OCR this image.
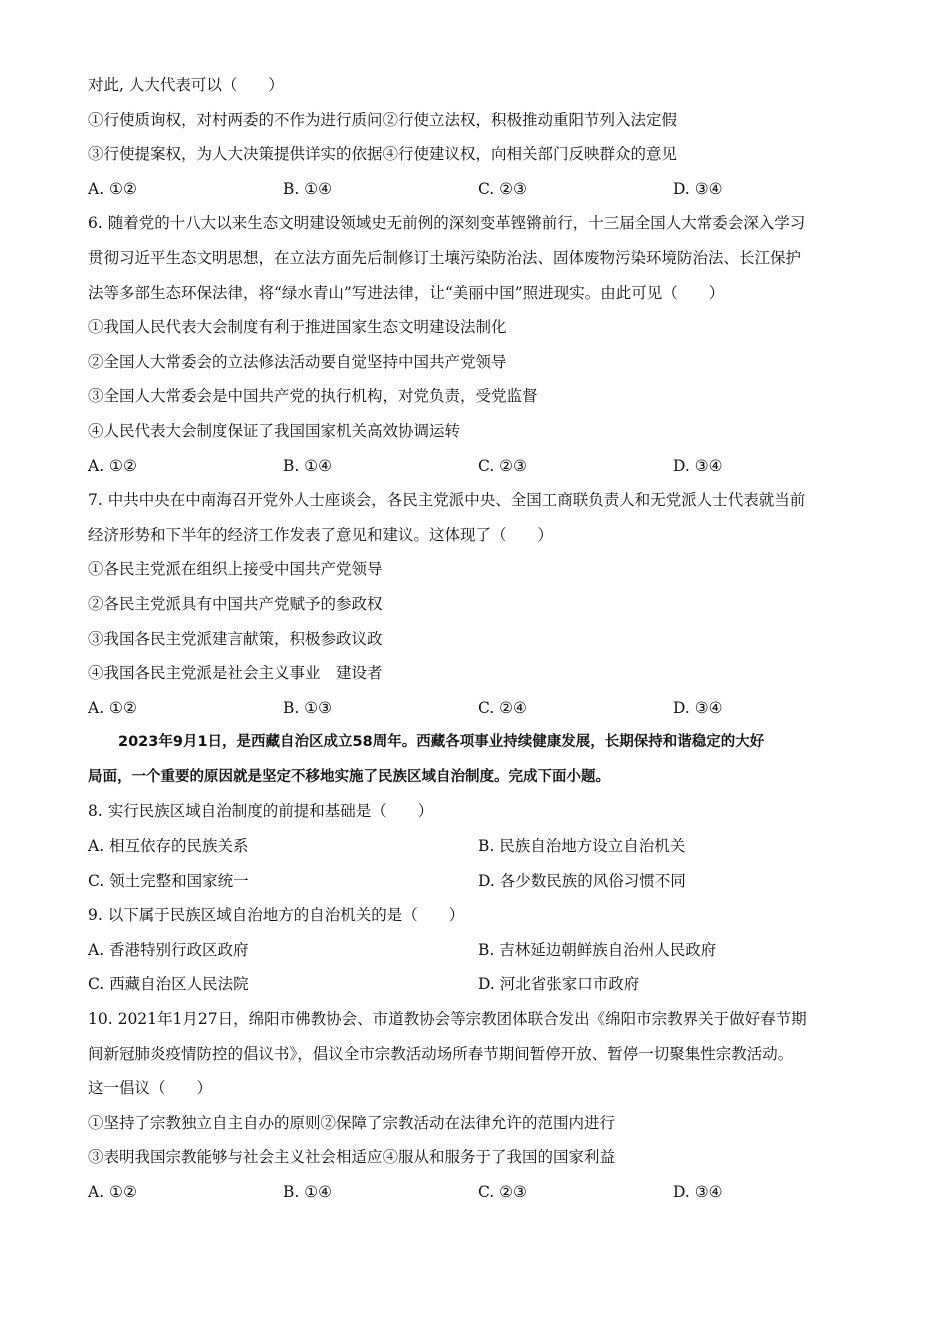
对此, 人大代表可以（　　）
①行使质询权，对村两委的不作为进行质问②行使立法权，积极推动重阳节列入法定假
③行使提案权，为人大决策提供详实的依据④行使建议权，向相关部门反映群众的意见
A. ①②	B. ①④	C. ②③	D. ③④
6. 随着党的十八大以来生态文明建设领域史无前例的深刻变革铿锵前行，十三届全国人大常委会深入学习
贯彻习近平生态文明思想，在立法方面先后制修订土壤污染防治法、固体废物污染环境防治法、长江保护
法等多部生态环保法律，将“绿水青山”写进法律，让“美丽中国”照进现实。由此可见（　　）
①我国人民代表大会制度有利于推进国家生态文明建设法制化
②全国人大常委会的立法修法活动要自觉坚持中国共产党领导
③全国人大常委会是中国共产党的执行机构，对党负责，受党监督
④人民代表大会制度保证了我国国家机关高效协调运转
A. ①②	B. ①④	C. ②③	D. ③④
7. 中共中央在中南海召开党外人士座谈会，各民主党派中央、全国工商联负责人和无党派人士代表就当前
经济形势和下半年的经济工作发表了意见和建议。这体现了（　　）
①各民主党派在组织上接受中国共产党领导
②各民主党派具有中国共产党赋予的参政权
③我国各民主党派建言献策，积极参政议政
④我国各民主党派是社会主义事业　建设者
A. ①②	B. ①③	C. ②④	D. ③④
2023年9月1日，是西藏自治区成立58周年。西藏各项事业持续健康发展，长期保持和谐稳定的大好
局面，一个重要的原因就是坚定不移地实施了民族区域自治制度。完成下面小题。
8. 实行民族区域自治制度的前提和基础是（　　）
A. 相互依存的民族关系	B. 民族自治地方设立自治机关
C. 领土完整和国家统一	D. 各少数民族的风俗习惯不同
9. 以下属于民族区域自治地方的自治机关的是（　　）
A. 香港特别行政区政府	B. 吉林延边朝鲜族自治州人民政府
C. 西藏自治区人民法院	D. 河北省张家口市政府
10. 2021年1月27日，绵阳市佛教协会、市道教协会等宗教团体联合发出《绵阳市宗教界关于做好春节期
间新冠肺炎疫情防控的倡议书》，倡议全市宗教活动场所春节期间暂停开放、暂停一切聚集性宗教活动。
这一倡议（　　）
①坚持了宗教独立自主自办的原则②保障了宗教活动在法律允许的范围内进行
③表明我国宗教能够与社会主义社会相适应④服从和服务于了我国的国家利益
A. ①②	B. ①④	C. ②③	D. ③④
